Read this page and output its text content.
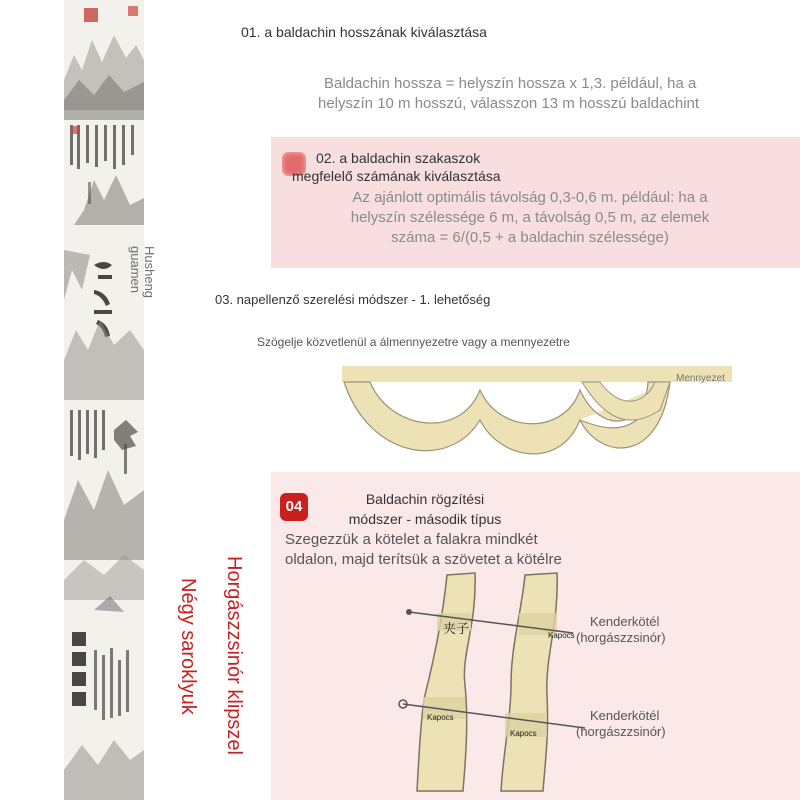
Husheng
guamen
Horgászzsinór klipszel
Négy saroklyuk
01. a baldachin hosszának kiválasztása

Baldachin hossza = helyszín hossza x 1,3. például, ha a

helyszín 10 m hosszú, válasszon 13 m hosszú baldachint

02. a baldachin szakaszok
megfelelő számának kiválasztása
Az ajánlott optimális távolság 0,3-0,6 m. például: ha a
helyszín szélessége 6 m, a távolság 0,5 m, az elemek
száma = 6/(0,5 + a baldachin szélessége)
03. napellenző szerelési módszer - 1. lehetőség
Szögelje közvetlenül a álmennyezetre vagy a mennyezetre
Mennyezet
04	Baldachin rögzítési
módszer - második típus
Szegezzük a kötelet a falakra mindkét
oldalon, majd terítsük a szövetet a kötélre
夹子	Kapocs
Kapocs
Kapocs
Kenderkötél
(horgászzsinór)
Kenderkötél
(horgászzsinór)
